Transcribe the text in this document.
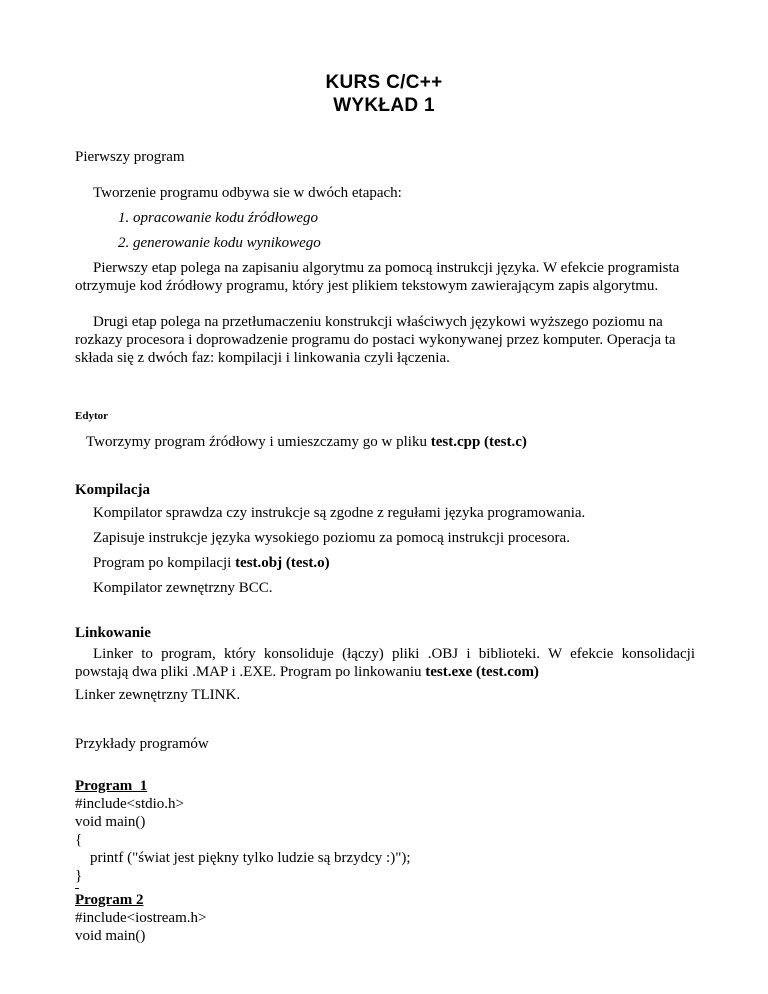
KURS C/C++
WYKŁAD 1
Pierwszy program
Tworzenie programu odbywa sie w dwóch etapach:
1. opracowanie kodu źródłowego
2. generowanie kodu wynikowego
Pierwszy etap polega na zapisaniu algorytmu za pomocą instrukcji języka. W efekcie programista otrzymuje kod źródłowy programu, który jest plikiem tekstowym zawierającym zapis algorytmu.
Drugi etap polega na przetłumaczeniu konstrukcji właściwych językowi wyższego poziomu na rozkazy procesora i doprowadzenie programu do postaci wykonywanej przez komputer. Operacja ta składa się z dwóch faz: kompilacji i linkowania czyli łączenia.
Edytor
Tworzymy program źródłowy i umieszczamy go w pliku test.cpp (test.c)
Kompilacja
Kompilator sprawdza czy instrukcje są zgodne z regułami języka programowania.
Zapisuje instrukcje języka wysokiego poziomu za pomocą instrukcji procesora.
Program po kompilacji test.obj (test.o)
Kompilator zewnętrzny BCC.
Linkowanie
Linker to program, który konsoliduje (łączy) pliki .OBJ i biblioteki. W efekcie konsolidacji powstają dwa pliki .MAP i .EXE. Program po linkowaniu test.exe (test.com)
Linker zewnętrzny TLINK.
Przykłady programów
Program_1
#include<stdio.h>
void main()
{
printf ("świat jest piękny tylko ludzie są brzydcy :)");
}
Program 2
#include<iostream.h>
void main()
